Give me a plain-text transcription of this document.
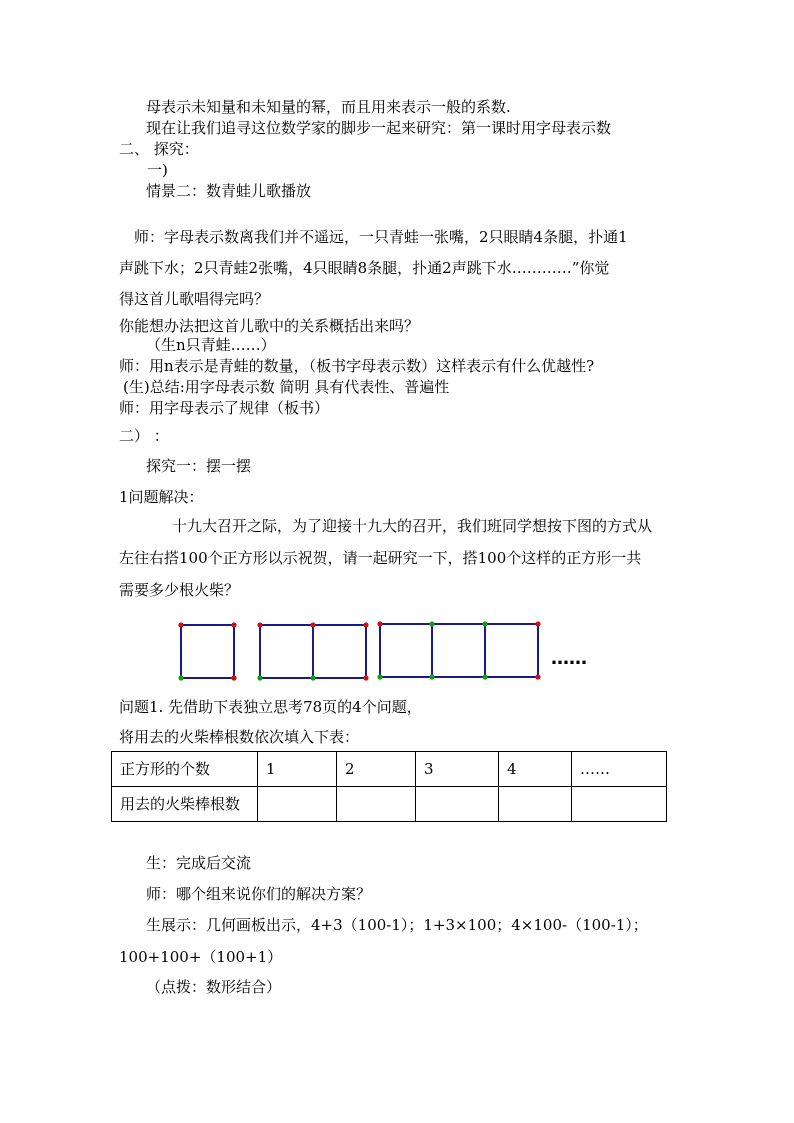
母表示未知量和未知量的幂，而且用来表示一般的系数.
现在让我们追寻这位数学家的脚步一起来研究：第一课时用字母表示数
二、 探究：
一)
情景二：数青蛙儿歌播放
师：字母表示数离我们并不遥远，一只青蛙一张嘴，2只眼睛4条腿，扑通1
声跳下水；2只青蛙2张嘴，4只眼睛8条腿，扑通2声跳下水…………”你觉
得这首儿歌唱得完吗？
你能想办法把这首儿歌中的关系概括出来吗？
（生n只青蛙……）
师：用n表示是青蛙的数量，（板书字母表示数）这样表示有什么优越性?
(生)总结:用字母表示数 简明 具有代表性、普遍性
师：用字母表示了规律（板书）
二） ：
探究一：摆一摆
1问题解决：
十九大召开之际，为了迎接十九大的召开，我们班同学想按下图的方式从
左往右搭100个正方形以示祝贺，请一起研究一下，搭100个这样的正方形一共
需要多少根火柴？
……
问题1. 先借助下表独立思考78页的4个问题，
将用去的火柴棒根数依次填入下表：
正方形的个数	1	2	3	4	……
用去的火柴棒根数					
生：完成后交流
师：哪个组来说你们的解决方案？
生展示：几何画板出示，4+3（100-1）；1+3×100；4×100-（100-1）；
100+100+（100+1）
（点拨：数形结合）
